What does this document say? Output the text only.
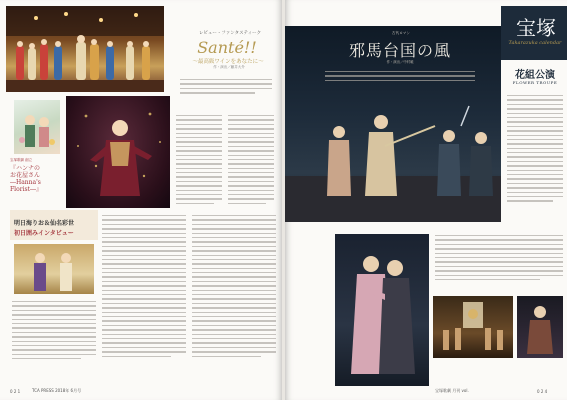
レビュー・ファンタスティーク
Santé!!
～最高級ワインをあなたに～
作・演出／藤井大介
宝塚歌劇 創立
『ハンナの
お花屋さん
―Hanna's Florist―』
明日海りお＆仙名彩世
初日囲みインタビュー
0 2 1	TCA PRESS 2018年 6月号
古代ロマン
邪馬台国の風
作・演出／中村暁
宝塚
Takarazuka calendar
花組公演
FLOWER TROUPE
宝塚歌劇 月刊 vol.	0 2 4
